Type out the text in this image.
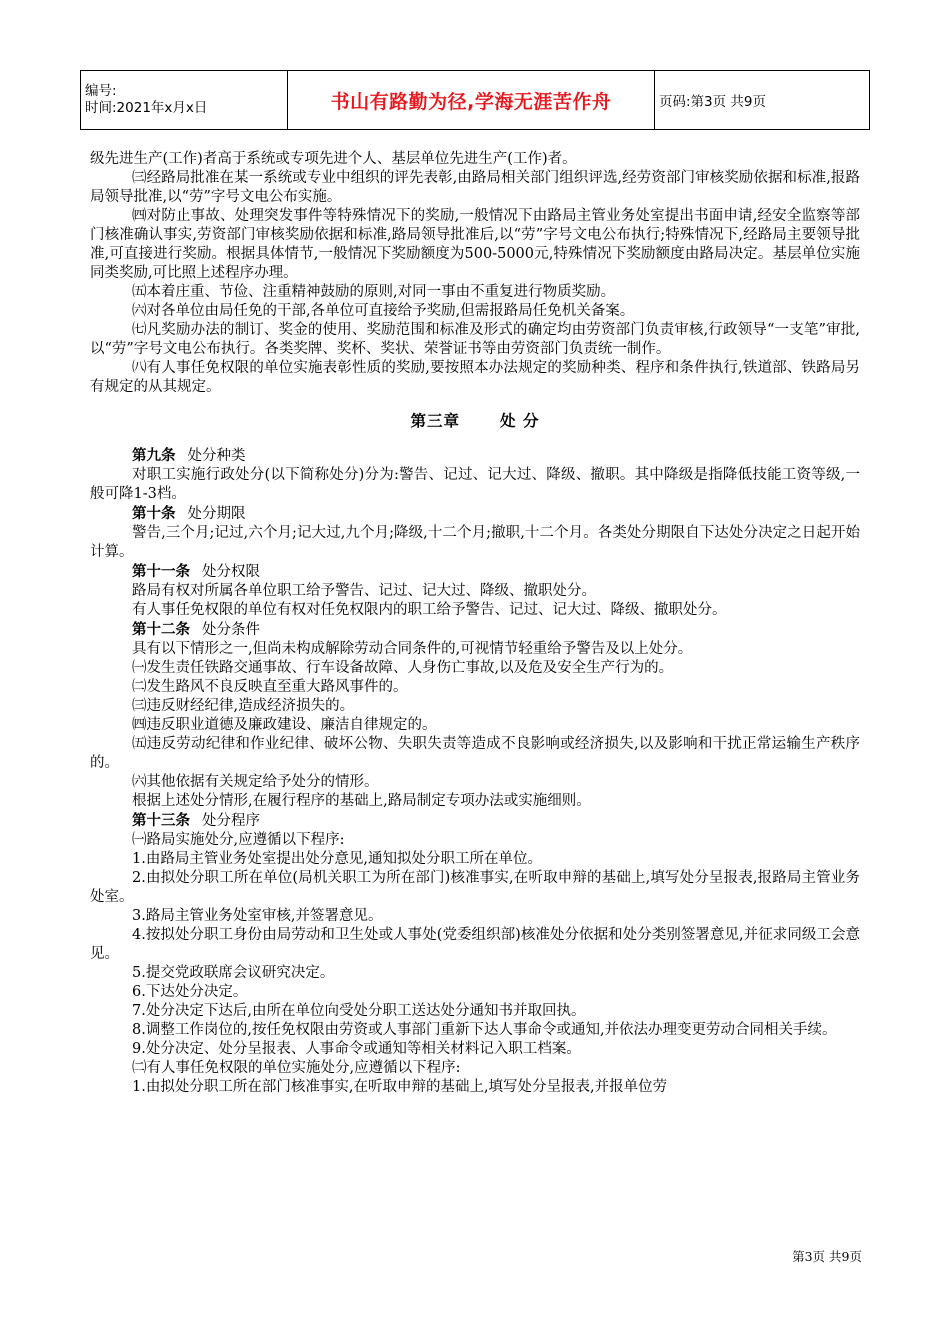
编号:
时间:2021年x月x日	书山有路勤为径,学海无涯苦作舟	页码:第3页 共9页

级先进生产(工作)者高于系统或专项先进个人、基层单位先进生产(工作)者。

㈢经路局批准在某一系统或专业中组织的评先表彰,由路局相关部门组织评选,经劳资部门审核奖励依据和标准,报路局领导批准,以“劳”字号文电公布实施。

㈣对防止事故、处理突发事件等特殊情况下的奖励,一般情况下由路局主管业务处室提出书面申请,经安全监察等部门核准确认事实,劳资部门审核奖励依据和标准,路局领导批准后,以“劳”字号文电公布执行;特殊情况下,经路局主要领导批准,可直接进行奖励。根据具体情节,一般情况下奖励额度为500-5000元,特殊情况下奖励额度由路局决定。基层单位实施同类奖励,可比照上述程序办理。

㈤本着庄重、节俭、注重精神鼓励的原则,对同一事由不重复进行物质奖励。

㈥对各单位由局任免的干部,各单位可直接给予奖励,但需报路局任免机关备案。

㈦凡奖励办法的制订、奖金的使用、奖励范围和标准及形式的确定均由劳资部门负责审核,行政领导“一支笔”审批,以“劳”字号文电公布执行。各类奖牌、奖杯、奖状、荣誉证书等由劳资部门负责统一制作。

㈧有人事任免权限的单位实施表彰性质的奖励,要按照本办法规定的奖励种类、程序和条件执行,铁道部、铁路局另有规定的从其规定。

第三章	处 分

第九条 处分种类

对职工实施行政处分(以下简称处分)分为:警告、记过、记大过、降级、撤职。其中降级是指降低技能工资等级,一般可降1-3档。

第十条 处分期限

警告,三个月;记过,六个月;记大过,九个月;降级,十二个月;撤职,十二个月。各类处分期限自下达处分决定之日起开始计算。

第十一条 处分权限

路局有权对所属各单位职工给予警告、记过、记大过、降级、撤职处分。

有人事任免权限的单位有权对任免权限内的职工给予警告、记过、记大过、降级、撤职处分。

第十二条 处分条件

具有以下情形之一,但尚未构成解除劳动合同条件的,可视情节轻重给予警告及以上处分。

㈠发生责任铁路交通事故、行车设备故障、人身伤亡事故,以及危及安全生产行为的。

㈡发生路风不良反映直至重大路风事件的。

㈢违反财经纪律,造成经济损失的。

㈣违反职业道德及廉政建设、廉洁自律规定的。

㈤违反劳动纪律和作业纪律、破坏公物、失职失责等造成不良影响或经济损失,以及影响和干扰正常运输生产秩序的。

㈥其他依据有关规定给予处分的情形。

根据上述处分情形,在履行程序的基础上,路局制定专项办法或实施细则。

第十三条 处分程序

㈠路局实施处分,应遵循以下程序:

1.由路局主管业务处室提出处分意见,通知拟处分职工所在单位。

2.由拟处分职工所在单位(局机关职工为所在部门)核准事实,在听取申辩的基础上,填写处分呈报表,报路局主管业务处室。

3.路局主管业务处室审核,并签署意见。

4.按拟处分职工身份由局劳动和卫生处或人事处(党委组织部)核准处分依据和处分类别签署意见,并征求同级工会意见。

5.提交党政联席会议研究决定。

6.下达处分决定。

7.处分决定下达后,由所在单位向受处分职工送达处分通知书并取回执。

8.调整工作岗位的,按任免权限由劳资或人事部门重新下达人事命令或通知,并依法办理变更劳动合同相关手续。

9.处分决定、处分呈报表、人事命令或通知等相关材料记入职工档案。

㈡有人事任免权限的单位实施处分,应遵循以下程序:

1.由拟处分职工所在部门核准事实,在听取申辩的基础上,填写处分呈报表,并报单位劳

第3页 共9页
